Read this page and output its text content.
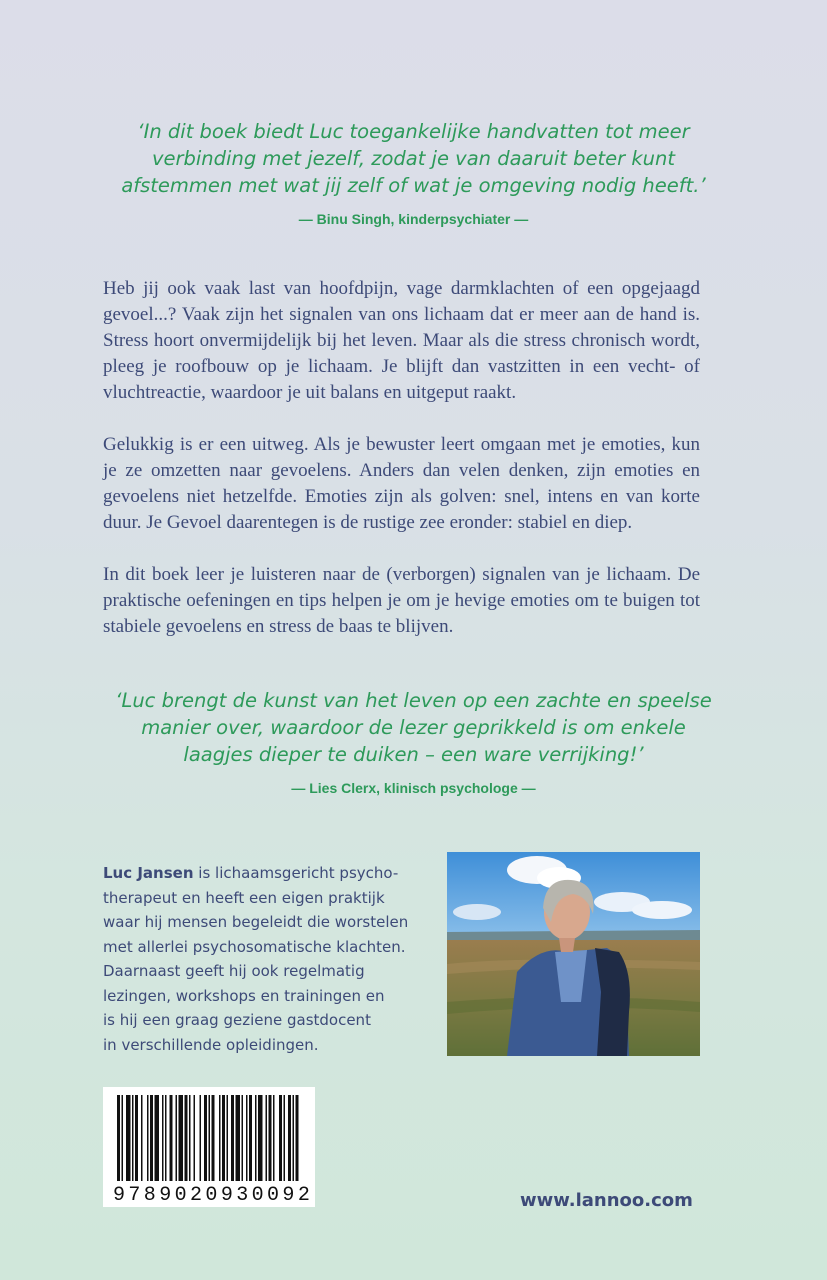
‘In dit boek biedt Luc toegankelijke handvatten tot meer
verbinding met jezelf, zodat je van daaruit beter kunt
afstemmen met wat jij zelf of wat je omgeving nodig heeft.’
— Binu Singh, kinderpsychiater —

Heb jij ook vaak last van hoofdpijn, vage darmklachten of een opgejaagd gevoel...? Vaak zijn het signalen van ons lichaam dat er meer aan de hand is. Stress hoort onvermijdelijk bij het leven. Maar als die stress chronisch wordt, pleeg je roofbouw op je lichaam. Je blijft dan vastzitten in een vecht- of vluchtreactie, waardoor je uit balans en uitgeput raakt.

Gelukkig is er een uitweg. Als je bewuster leert omgaan met je emoties, kun je ze omzetten naar gevoelens. Anders dan velen denken, zijn emoties en gevoelens niet hetzelfde. Emoties zijn als golven: snel, intens en van korte duur. Je Gevoel daarentegen is de rustige zee eronder: stabiel en diep.

In dit boek leer je luisteren naar de (verborgen) signalen van je lichaam. De praktische oefeningen en tips helpen je om je hevige emoties om te buigen tot stabiele gevoelens en stress de baas te blijven.

‘Luc brengt de kunst van het leven op een zachte en speelse
manier over, waardoor de lezer geprikkeld is om enkele
laagjes dieper te duiken – een ware verrijking!’
— Lies Clerx, klinisch psychologe —
Luc Jansen is lichaamsgericht psycho-
therapeut en heeft een eigen praktijk
waar hij mensen begeleidt die worstelen
met allerlei psychosomatische klachten.
Daarnaast geeft hij ook regelmatig
lezingen, workshops en trainingen en
is hij een graag geziene gastdocent
in verschillende opleidingen.
9789020930092	www.lannoo.com
